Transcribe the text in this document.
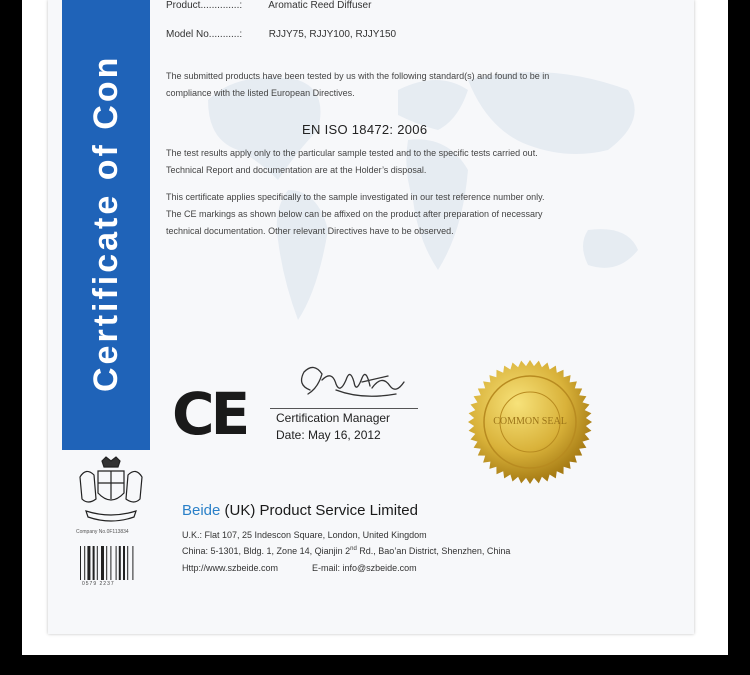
Certificate of Con
Product..............:	Aromatic Reed Diffuser
Model No...........:	RJJY75, RJJY100, RJJY150
The submitted products have been tested by us with the following standard(s) and found to be in
compliance with the listed European Directives.
EN ISO 18472: 2006
The test results apply only to the particular sample tested and to the specific tests carried out.
Technical Report and documentation are at the Holder’s disposal.
This certificate applies specifically to the sample investigated in our test reference number only.
The CE markings as shown below can be affixed on the product after preparation of necessary
technical documentation. Other relevant Directives have to be observed.
CE Certification Manager
Date: May 16, 2012
COMMON SEAL
Company No.0F113834
0579 2237
Beide (UK) Product Service Limited
U.K.: Flat 107, 25 Indescon Square, London, United Kingdom
China: 5-1301, Bldg. 1, Zone 14, Qianjin 2nd Rd., Bao’an District, Shenzhen, China
Http://www.szbeide.com	E-mail: info@szbeide.com
